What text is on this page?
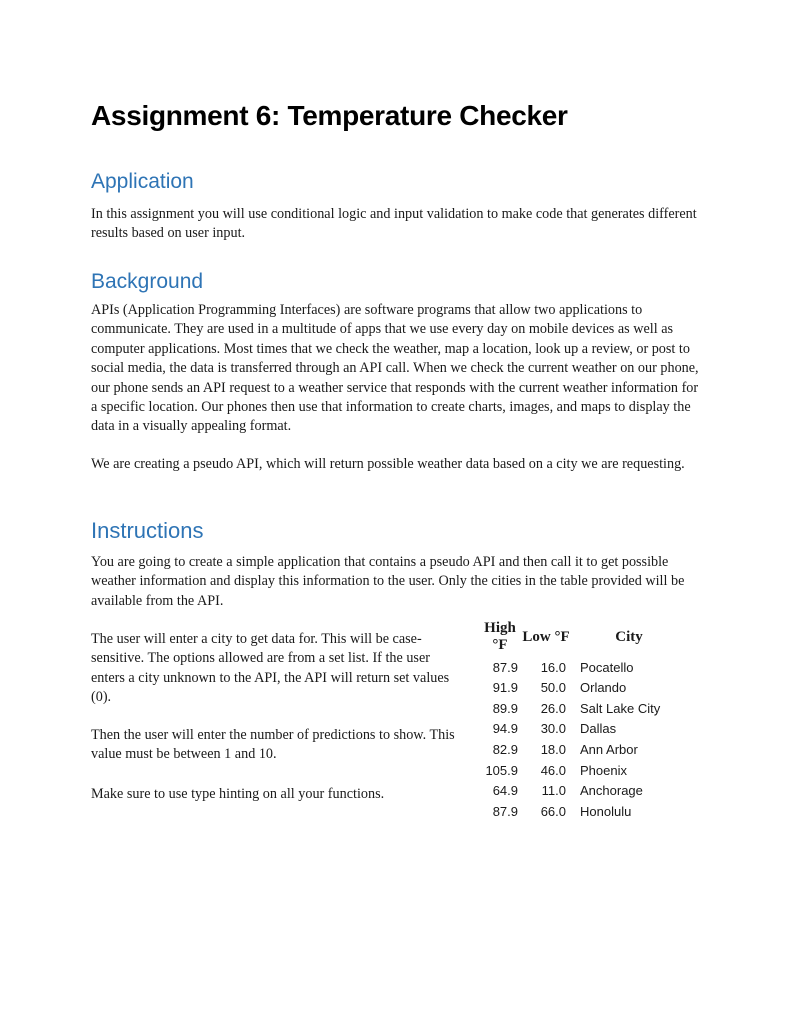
Assignment 6: Temperature Checker
Application

In this assignment you will use conditional logic and input validation to make code that generates different results based on user input.

Background

APIs (Application Programming Interfaces) are software programs that allow two applications to communicate. They are used in a multitude of apps that we use every day on mobile devices as well as computer applications. Most times that we check the weather, map a location, look up a review, or post to social media, the data is transferred through an API call. When we check the current weather on our phone, our phone sends an API request to a weather service that responds with the current weather information for a specific location. Our phones then use that information to create charts, images, and maps to display the data in a visually appealing format.

We are creating a pseudo API, which will return possible weather data based on a city we are requesting.

Instructions

You are going to create a simple application that contains a pseudo API and then call it to get possible weather information and display this information to the user. Only the cities in the table provided will be available from the API.

The user will enter a city to get data for. This will be case-sensitive. The options allowed are from a set list. If the user enters a city unknown to the API, the API will return set values (0).

Then the user will enter the number of predictions to show. This value must be between 1 and 10.

Make sure to use type hinting on all your functions.

High °F	Low °F	City
87.9	16.0	Pocatello
91.9	50.0	Orlando
89.9	26.0	Salt Lake City
94.9	30.0	Dallas
82.9	18.0	Ann Arbor
105.9	46.0	Phoenix
64.9	11.0	Anchorage
87.9	66.0	Honolulu
